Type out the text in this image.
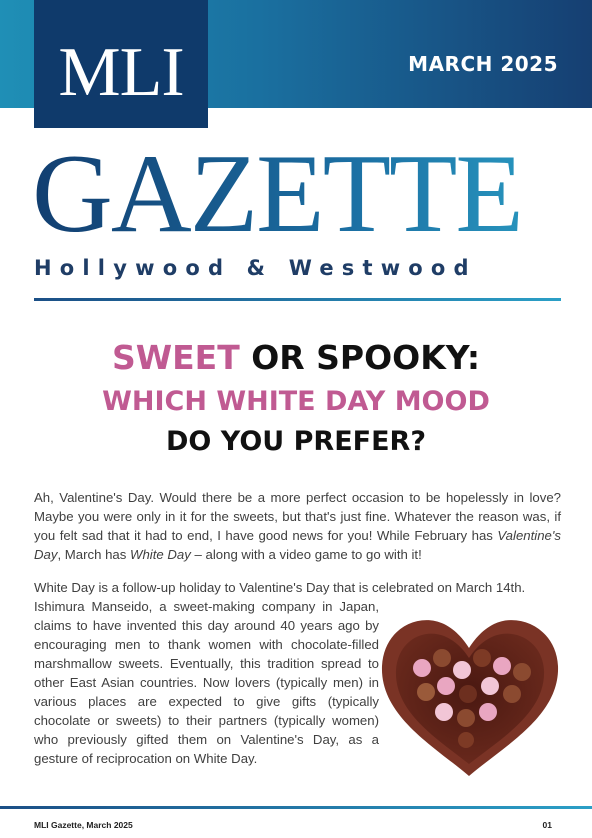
MLI	MARCH 2025
GAZETTE
Hollywood & Westwood
SWEET OR SPOOKY:
WHICH WHITE DAY MOOD
DO YOU PREFER?
Ah, Valentine's Day. Would there be a more perfect occasion to be hopelessly in love? Maybe you were only in it for the sweets, but that's just fine. Whatever the reason was, if you felt sad that it had to end, I have good news for you! While February has Valentine's Day, March has White Day – along with a video game to go with it!
White Day is a follow-up holiday to Valentine's Day that is celebrated on March 14th.
Ishimura Manseido, a sweet-making company in Japan, claims to have invented this day around 40 years ago by encouraging men to thank women with chocolate-filled marshmallow sweets. Eventually, this tradition spread to other East Asian countries. Now lovers (typically men) in various places are expected to give gifts (typically chocolate or sweets) to their partners (typically women) who previously gifted them on Valentine's Day, as a gesture of reciprocation on White Day.
MLI Gazette, March 2025	01
